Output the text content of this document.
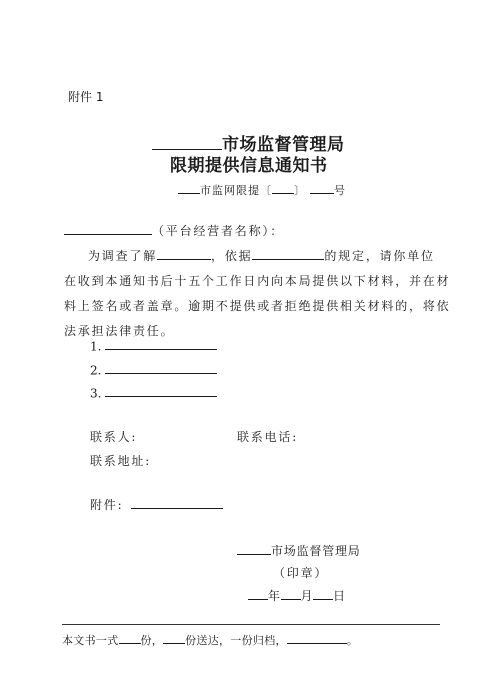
附件 1
市场监督管理局
限期提供信息通知书
市监网限提〔 〕	号
（平台经营者名称）：
为调查了解	，依据	的规定，请你单位
在收到本通知书后十五个工作日内向本局提供以下材料，并在材
料上签名或者盖章。逾期不提供或者拒绝提供相关材料的，将依
法承担法律责任。
1.
2.
3.
联系人:	联系电话:
联系地址:
附件:
市场监督管理局
（印章）
年 月 日
本文书一式 份， 份送达，一份归档，	。
